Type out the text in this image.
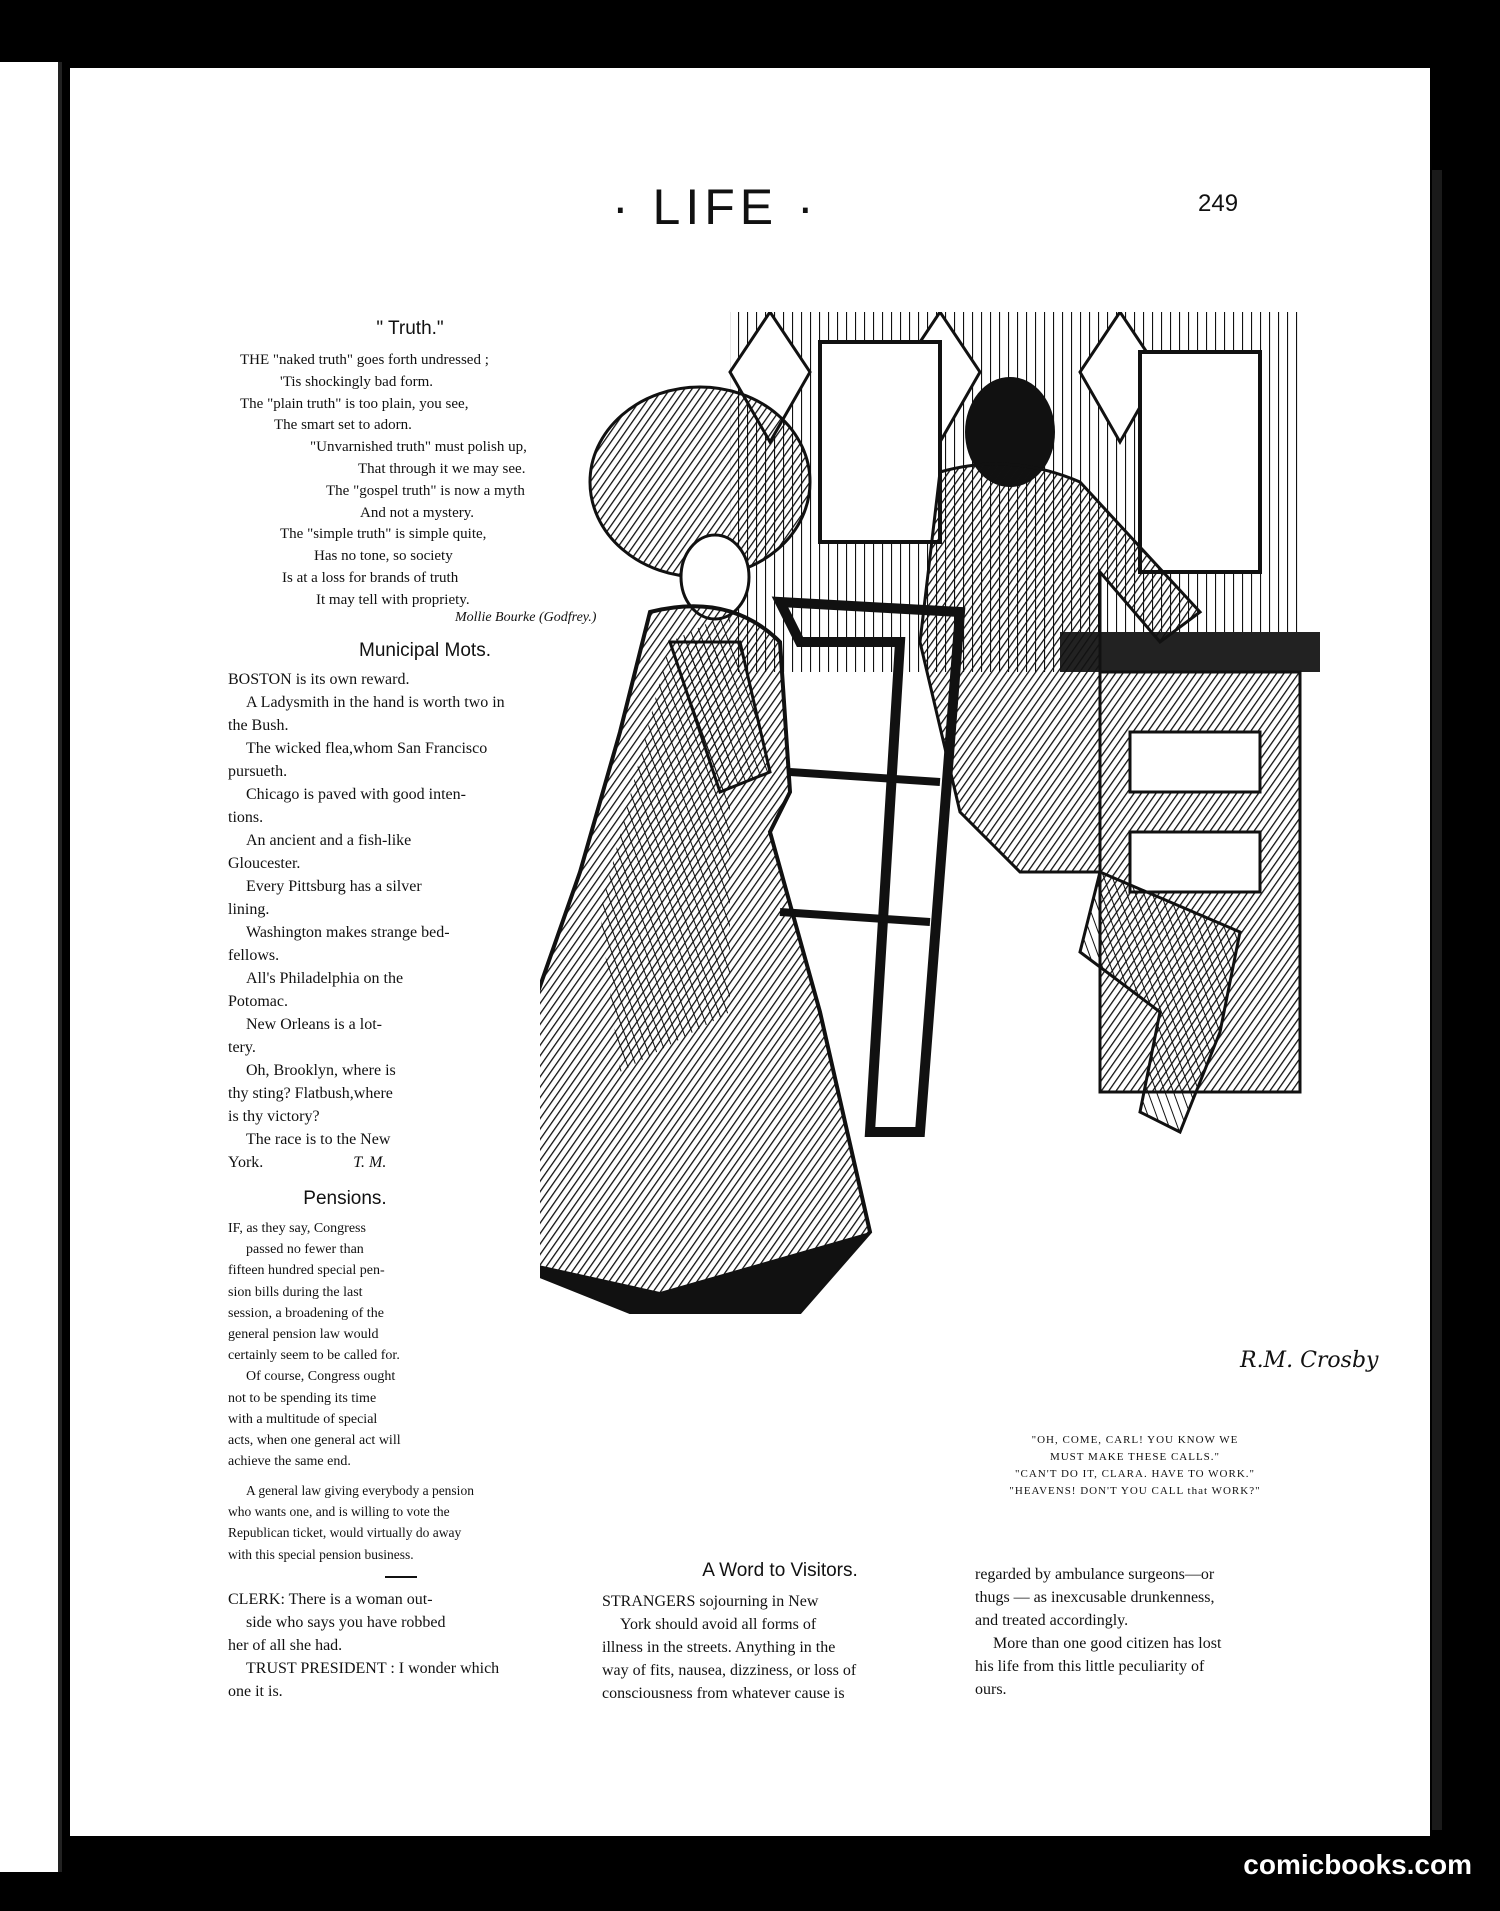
· LIFE ·	249
" Truth."
THE "naked truth" goes forth undressed ;
'Tis shockingly bad form.
The "plain truth" is too plain, you see,
The smart set to adorn.
"Unvarnished truth" must polish up,
That through it we may see.
The "gospel truth" is now a myth
And not a mystery.
The "simple truth" is simple quite,
Has no tone, so society
Is at a loss for brands of truth
It may tell with propriety.
Mollie Bourke (Godfrey.)
Municipal Mots.

BOSTON is its own reward.

A Ladysmith in the hand is worth two in

the Bush.

The wicked flea,whom San Francisco

pursueth.

Chicago is paved with good inten-

tions.

An ancient and a fish-like

Gloucester.

Every Pittsburg has a silver

lining.

Washington makes strange bed-

fellows.

All's Philadelphia on the

Potomac.

New Orleans is a lot-

tery.

Oh, Brooklyn, where is

thy sting? Flatbush,where

is thy victory?

The race is to the New

York.	T. M.

Pensions.

IF, as they say, Congress

passed no fewer than

fifteen hundred special pen-

sion bills during the last

session, a broadening of the

general pension law would

certainly seem to be called for.

Of course, Congress ought

not to be spending its time

with a multitude of special

acts, when one general act will

achieve the same end.

A general law giving everybody a pension

who wants one, and is willing to vote the

Republican ticket, would virtually do away

with this special pension business.

CLERK: There is a woman out-

side who says you have robbed

her of all she had.

TRUST PRESIDENT : I wonder which

one it is.

R.M. Crosby
"OH, COME, CARL! YOU KNOW WE
MUST MAKE THESE CALLS."
"CAN'T DO IT, CLARA. HAVE TO WORK."
"HEAVENS! DON'T YOU CALL that WORK?"
A Word to Visitors.

STRANGERS sojourning in New

York should avoid all forms of

illness in the streets. Anything in the

way of fits, nausea, dizziness, or loss of

consciousness from whatever cause is

regarded by ambulance surgeons—or

thugs — as inexcusable drunkenness,

and treated accordingly.

More than one good citizen has lost

his life from this little peculiarity of

ours.

comicbooks.com
